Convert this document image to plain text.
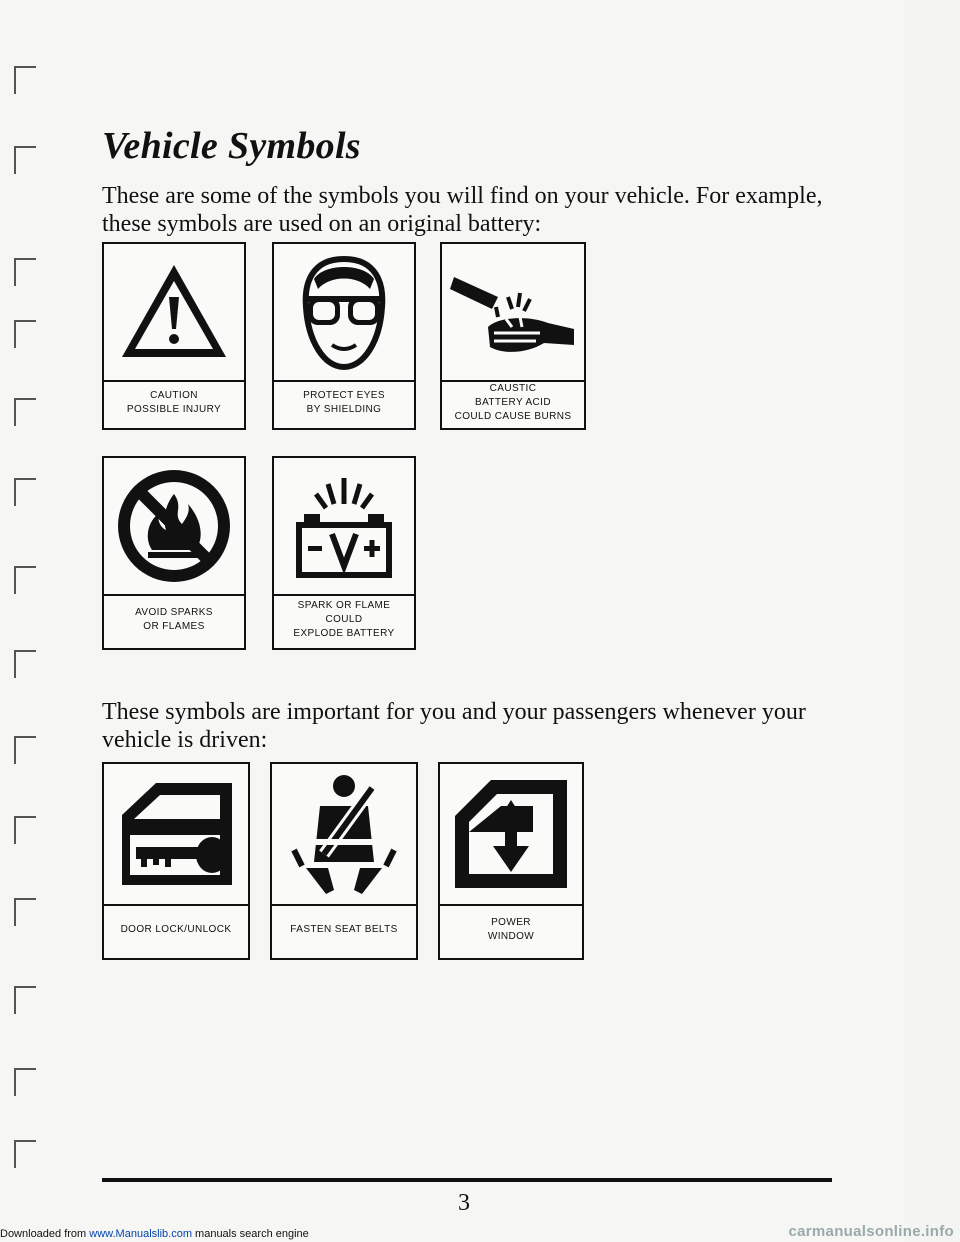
Vehicle Symbols

These are some of the symbols you will find on your vehicle. For example, these symbols are used on an original battery:

CAUTION
POSSIBLE INJURY
PROTECT EYES
BY SHIELDING
CAUSTIC
BATTERY ACID
COULD CAUSE BURNS
AVOID SPARKS
OR FLAMES
SPARK OR FLAME
COULD
EXPLODE BATTERY

These symbols are important for you and your passengers whenever your vehicle is driven:

DOOR LOCK/UNLOCK	FASTEN SEAT BELTS
POWER
WINDOW
3
Downloaded from www.Manualslib.com manuals search engine	carmanualsonline.info
